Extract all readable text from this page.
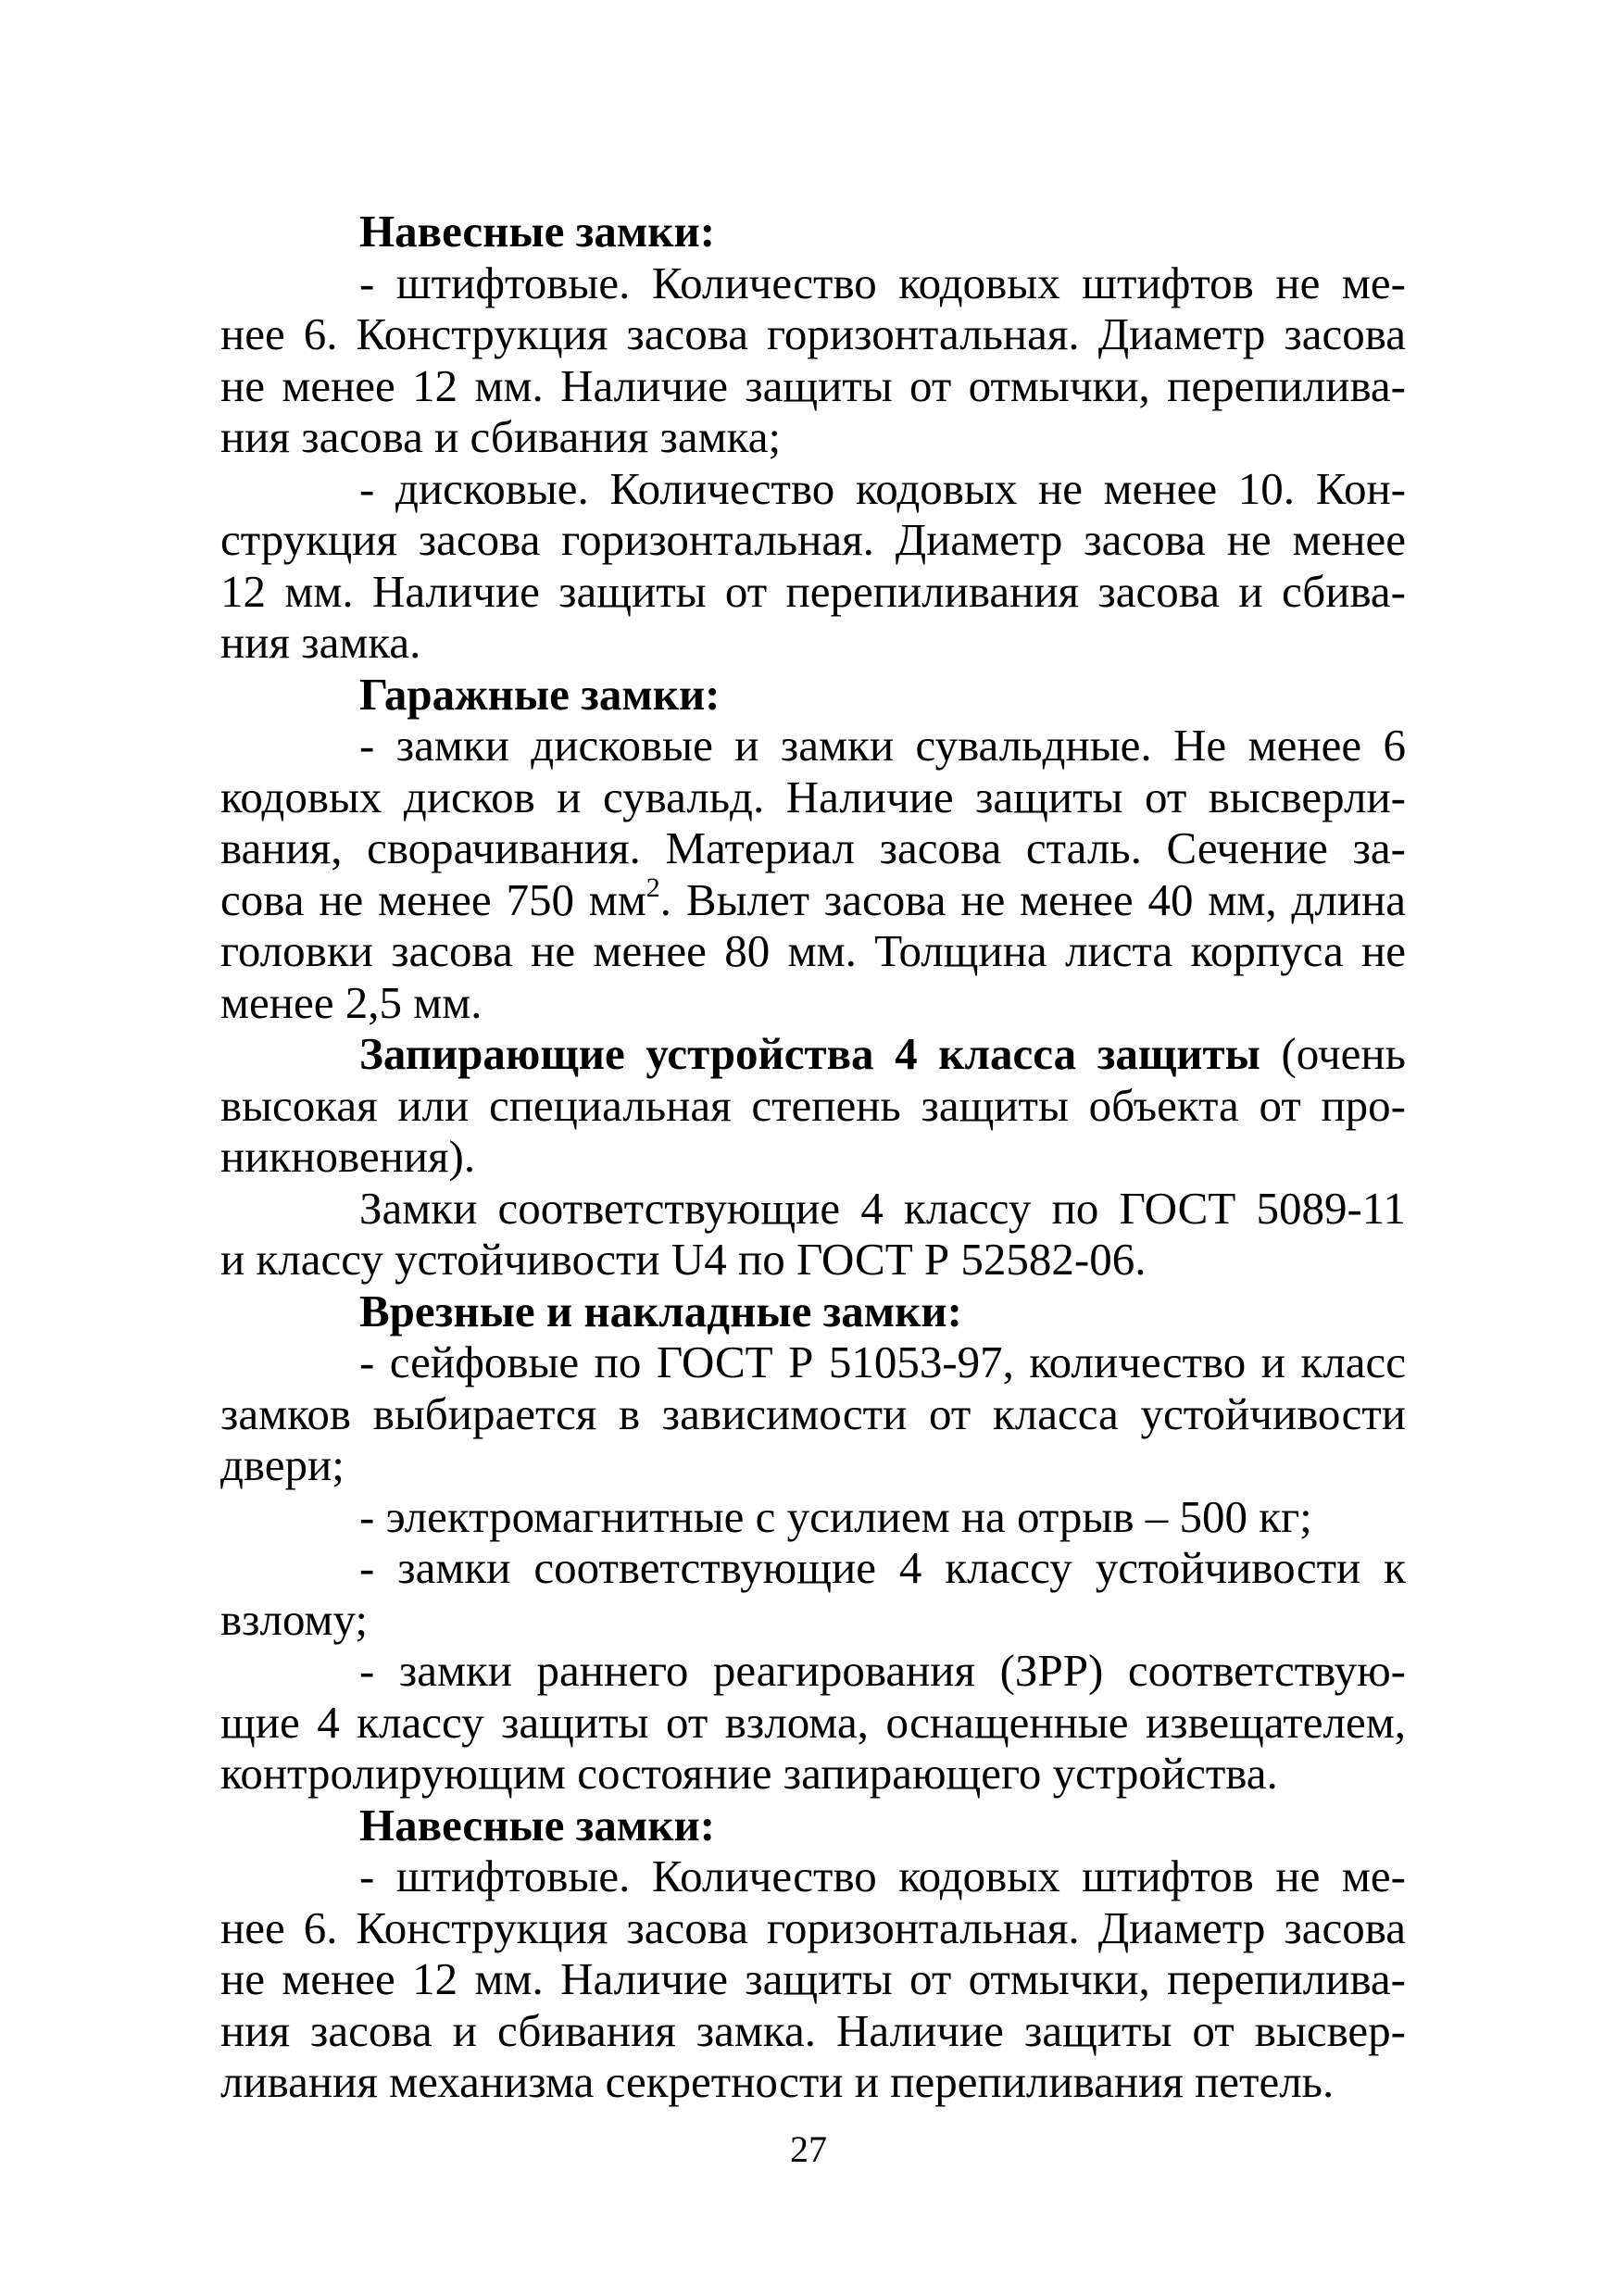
Навесные замки:
- штифтовые. Количество кодовых штифтов не ме-
нее 6. Конструкция засова горизонтальная. Диаметр засова
не менее 12 мм. Наличие защиты от отмычки, перепилива-
ния засова и сбивания замка;
- дисковые. Количество кодовых не менее 10. Кон-
струкция засова горизонтальная. Диаметр засова не менее
12 мм. Наличие защиты от перепиливания засова и сбива-
ния замка.
Гаражные замки:
- замки дисковые и замки сувальдные. Не менее 6
кодовых дисков и сувальд. Наличие защиты от высверли-
вания, сворачивания. Материал засова сталь. Сечение за-
сова не менее 750 $мм^2$. Вылет засова не менее 40 мм, длина
головки засова не менее 80 мм. Толщина листа корпуса не
менее 2,5 мм.
Запирающие устройства 4 класса защиты (очень
высокая или специальная степень защиты объекта от про-
никновения).
Замки соответствующие 4 классу по ГОСТ 5089-11
и классу устойчивости U4 по ГОСТ Р 52582-06.
Врезные и накладные замки:
- сейфовые по ГОСТ Р 51053-97, количество и класс
замков выбирается в зависимости от класса устойчивости
двери;
- электромагнитные с усилием на отрыв – 500 кг;
- замки соответствующие 4 классу устойчивости к
взлому;
- замки раннего реагирования (ЗРР) соответствую-
щие 4 классу защиты от взлома, оснащенные извещателем,
контролирующим состояние запирающего устройства.
Навесные замки:
- штифтовые. Количество кодовых штифтов не ме-
нее 6. Конструкция засова горизонтальная. Диаметр засова
не менее 12 мм. Наличие защиты от отмычки, перепилива-
ния засова и сбивания замка. Наличие защиты от высвер-
ливания механизма секретности и перепиливания петель.
27
